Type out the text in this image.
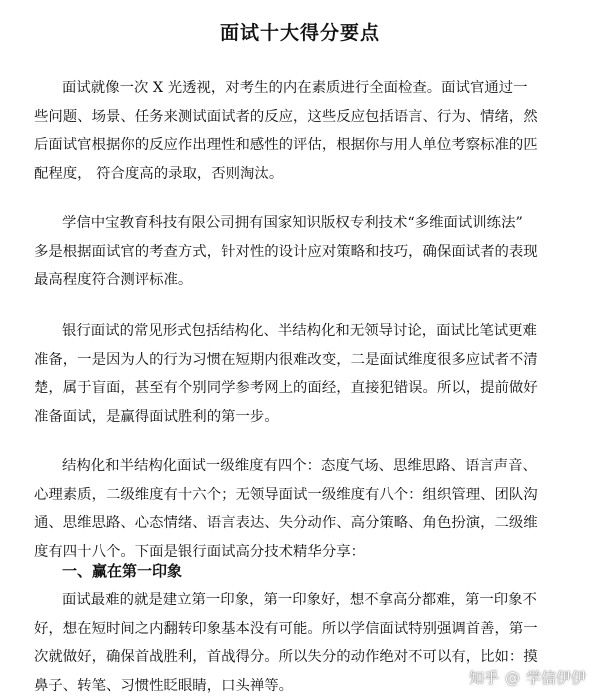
面试十大得分要点

面试就像一次 X 光透视，对考生的内在素质进行全面检查。面试官通过一
些问题、场景、任务来测试面试者的反应，这些反应包括语言、行为、情绪，然
后面试官根据你的反应作出理性和感性的评估，根据你与用人单位考察标准的匹
配程度， 符合度高的录取，否则淘汰。

学信中宝教育科技有限公司拥有国家知识版权专利技术“多维面试训练法”
多是根据面试官的考查方式，针对性的设计应对策略和技巧，确保面试者的表现
最高程度符合测评标准。

银行面试的常见形式包括结构化、半结构化和无领导讨论，面试比笔试更难
准备，一是因为人的行为习惯在短期内很难改变，二是面试维度很多应试者不清
楚，属于盲面，甚至有个别同学参考网上的面经，直接犯错误。所以，提前做好
准备面试，是赢得面试胜利的第一步。

结构化和半结构化面试一级维度有四个：态度气场、思维思路、语言声音、
心理素质，二级维度有十六个；无领导面试一级维度有八个：组织管理、团队沟
通、思维思路、心态情绪、语言表达、失分动作、高分策略、角色扮演，二级维
度有四十八个。下面是银行面试高分技术精华分享：

一、赢在第一印象

面试最难的就是建立第一印象，第一印象好，想不拿高分都难，第一印象不
好，想在短时间之内翻转印象基本没有可能。所以学信面试特别强调首善，第一
次就做好，确保首战胜利，首战得分。所以失分的动作绝对不可以有，比如：摸
鼻子、转笔、习惯性眨眼睛，口头禅等。	知乎 @ 学信伊伊
